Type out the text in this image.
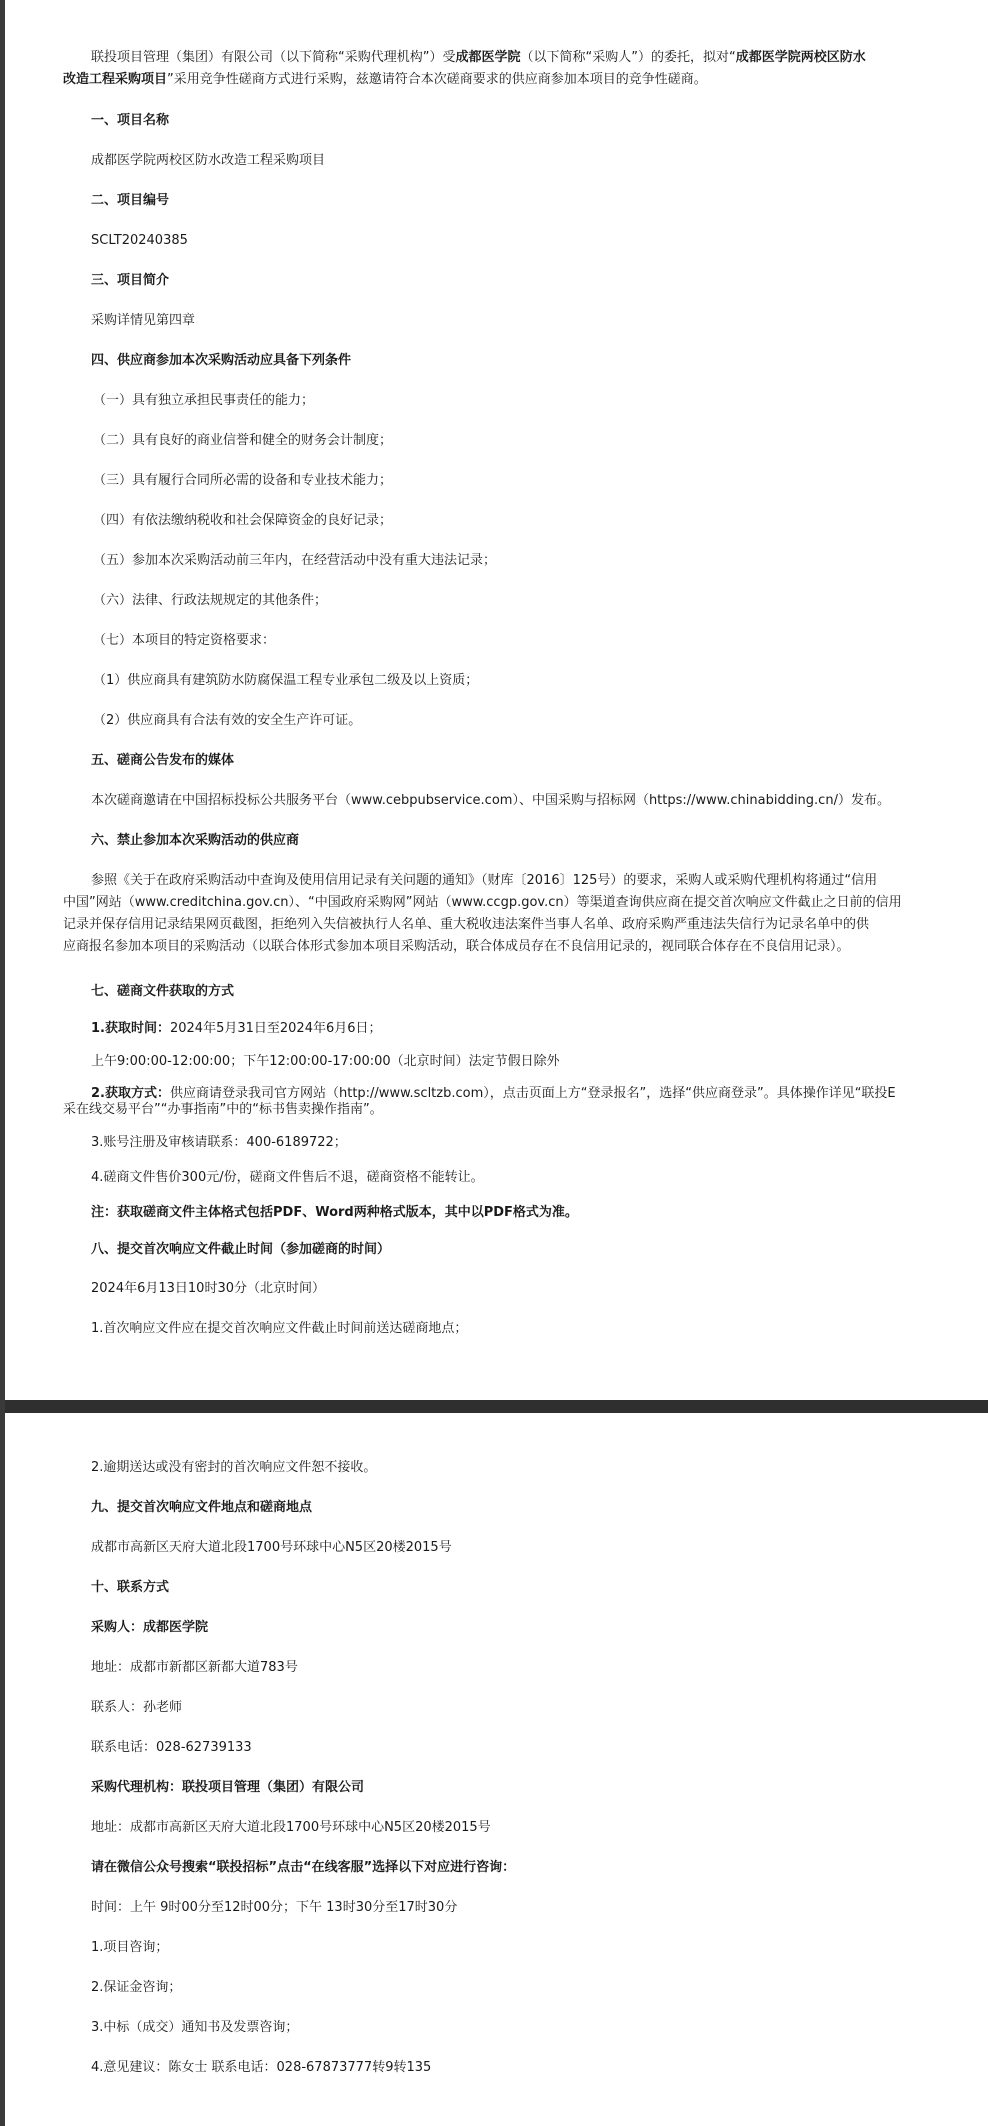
联投项目管理（集团）有限公司（以下简称“采购代理机构”）受成都医学院（以下简称“采购人”）的委托，拟对“成都医学院两校区防水

改造工程采购项目”采用竞争性磋商方式进行采购，兹邀请符合本次磋商要求的供应商参加本项目的竞争性磋商。

一、项目名称

成都医学院两校区防水改造工程采购项目

二、项目编号

SCLT20240385

三、项目简介

采购详情见第四章

四、供应商参加本次采购活动应具备下列条件

（一）具有独立承担民事责任的能力；

（二）具有良好的商业信誉和健全的财务会计制度；

（三）具有履行合同所必需的设备和专业技术能力；

（四）有依法缴纳税收和社会保障资金的良好记录；

（五）参加本次采购活动前三年内，在经营活动中没有重大违法记录；

（六）法律、行政法规规定的其他条件；

（七）本项目的特定资格要求：

（1）供应商具有建筑防水防腐保温工程专业承包二级及以上资质；

（2）供应商具有合法有效的安全生产许可证。

五、磋商公告发布的媒体

本次磋商邀请在中国招标投标公共服务平台（www.cebpubservice.com）、中国采购与招标网（https://www.chinabidding.cn/）发布。

六、禁止参加本次采购活动的供应商

参照《关于在政府采购活动中查询及使用信用记录有关问题的通知》（财库〔2016〕125号）的要求，采购人或采购代理机构将通过“信用

中国”网站（www.creditchina.gov.cn）、“中国政府采购网”网站（www.ccgp.gov.cn）等渠道查询供应商在提交首次响应文件截止之日前的信用

记录并保存信用记录结果网页截图，拒绝列入失信被执行人名单、重大税收违法案件当事人名单、政府采购严重违法失信行为记录名单中的供

应商报名参加本项目的采购活动（以联合体形式参加本项目采购活动，联合体成员存在不良信用记录的，视同联合体存在不良信用记录）。

七、磋商文件获取的方式

1.获取时间：2024年5月31日至2024年6月6日；

上午9:00:00-12:00:00；下午12:00:00-17:00:00（北京时间）法定节假日除外

2.获取方式：供应商请登录我司官方网站（http://www.scltzb.com），点击页面上方“登录报名”，选择“供应商登录”。具体操作详见“联投E

采在线交易平台”“办事指南”中的“标书售卖操作指南”。

3.账号注册及审核请联系：400-6189722；

4.磋商文件售价300元/份，磋商文件售后不退，磋商资格不能转让。

注：获取磋商文件主体格式包括PDF、Word两种格式版本，其中以PDF格式为准。

八、提交首次响应文件截止时间（参加磋商的时间）

2024年6月13日10时30分（北京时间）

1.首次响应文件应在提交首次响应文件截止时间前送达磋商地点；

2.逾期送达或没有密封的首次响应文件恕不接收。

九、提交首次响应文件地点和磋商地点

成都市高新区天府大道北段1700号环球中心N5区20楼2015号

十、联系方式

采购人：成都医学院

地址：成都市新都区新都大道783号

联系人：孙老师

联系电话：028-62739133

采购代理机构：联投项目管理（集团）有限公司

地址：成都市高新区天府大道北段1700号环球中心N5区20楼2015号

请在微信公众号搜索“联投招标”点击“在线客服”选择以下对应进行咨询：

时间：上午 9时00分至12时00分；下午 13时30分至17时30分

1.项目咨询；

2.保证金咨询；

3.中标（成交）通知书及发票咨询；

4.意见建议：陈女士 联系电话：028-67873777转9转135
